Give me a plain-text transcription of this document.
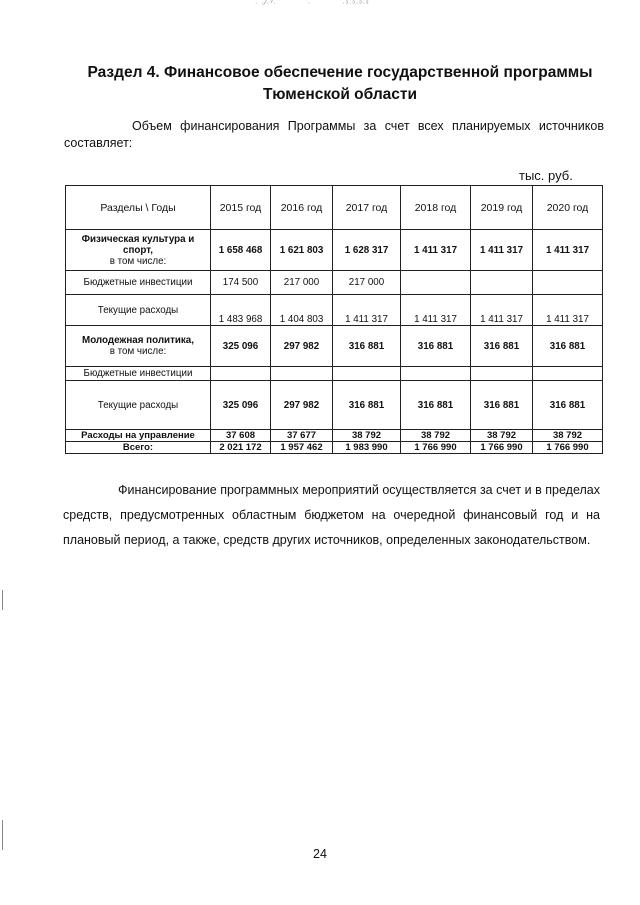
· ·⁄·ˀ·	·	·ᵓ·ᵓ·ᵓ·ᵓ
Раздел 4. Финансовое обеспечение государственной программы
Тюменской области
Объем финансирования Программы за счет всех планируемых источников составляет:
тыс. руб.
Разделы \ Годы	2015 год	2016 год	2017 год	2018 год	2019 год	2020 год
Физическая культура и спорт,
в том числе:	1 658 468	1 621 803	1 628 317	1 411 317	1 411 317	1 411 317
Бюджетные инвестиции	174 500	217 000	217 000			
Текущие расходы	1 483 968	1 404 803	1 411 317	1 411 317	1 411 317	1 411 317
Молодежная политика,
в том числе:	325 096	297 982	316 881	316 881	316 881	316 881
Бюджетные инвестиции						
Текущие расходы	325 096	297 982	316 881	316 881	316 881	316 881
Расходы на управление	37 608	37 677	38 792	38 792	38 792	38 792
Всего:	2 021 172	1 957 462	1 983 990	1 766 990	1 766 990	1 766 990
Финансирование программных мероприятий осуществляется за счет и в пределах средств, предусмотренных областным бюджетом на очередной финансовый год и на плановый период, а также, средств других источников, определенных законодательством.
24
